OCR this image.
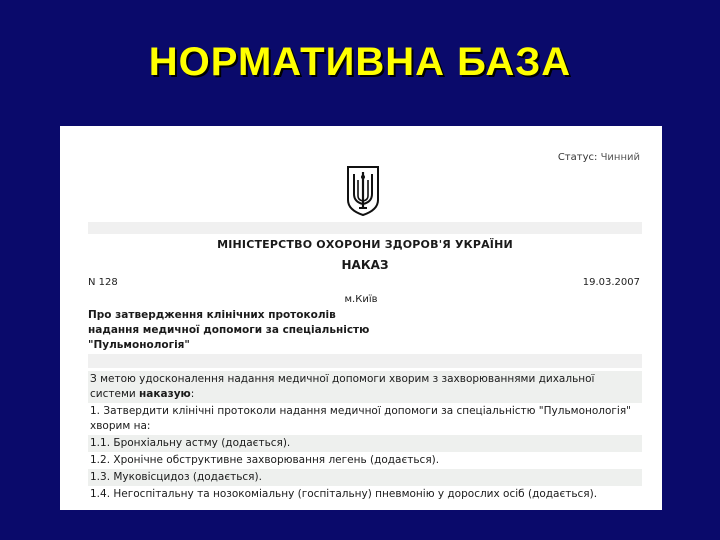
НОРМАТИВНА БАЗА
Статус: Чинний
МІНІСТЕРСТВО ОХОРОНИ ЗДОРОВ'Я УКРАЇНИ
НАКАЗ
N 128	19.03.2007
м.Київ
Про затвердження клінічних протоколів
надання медичної допомоги за спеціальністю
"Пульмонологія"
З метою удосконалення надання медичної допомоги хворим з захворюваннями дихальної системи наказую:
1. Затвердити клінічні протоколи надання медичної допомоги за спеціальністю "Пульмонологія" хворим на:
1.1. Бронхіальну астму (додається).
1.2. Хронічне обструктивне захворювання легень (додається).
1.3. Муковісцидоз (додається).
1.4. Негоспітальну та нозокоміальну (госпітальну) пневмонію у дорослих осіб (додається).
